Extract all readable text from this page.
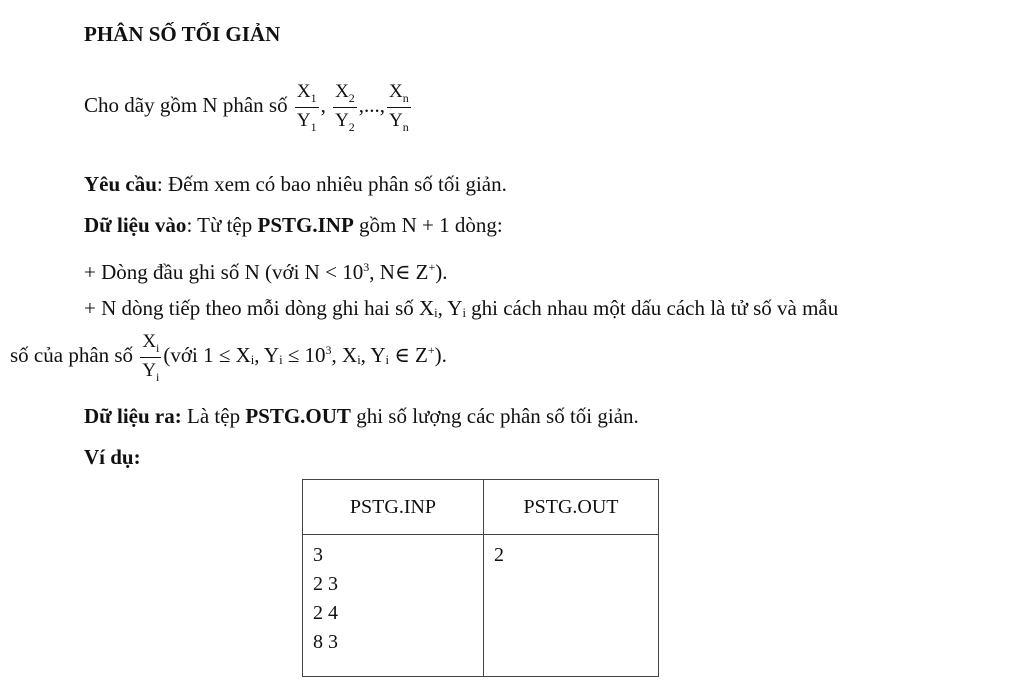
PHÂN SỐ TỐI GIẢN
Cho dãy gồm N phân số $\frac{X_1}{Y_1}$ , $\frac{X_2}{Y_2}$ ,..., $\frac{X_n}{Y_n}$
Yêu cầu: Đếm xem có bao nhiêu phân số tối giản.
Dữ liệu vào: Từ tệp PSTG.INP gồm N + 1 dòng:
+ Dòng đầu ghi số N (với $N < 10^3$, N∈ Z+).
+ N dòng tiếp theo mỗi dòng ghi hai số Xᵢ, Yᵢ ghi cách nhau một dấu cách là tử số và mẫu
số của phân số $\frac{X_i}{Y_i}$ (với 1 ≤ Xᵢ, Yᵢ ≤ $10^3$, Xᵢ, Yᵢ ∈ Z+).
Dữ liệu ra: Là tệp PSTG.OUT ghi số lượng các phân số tối giản.
Ví dụ:
PSTG.INP	PSTG.OUT

3
2 3
2 4
8 3	2
